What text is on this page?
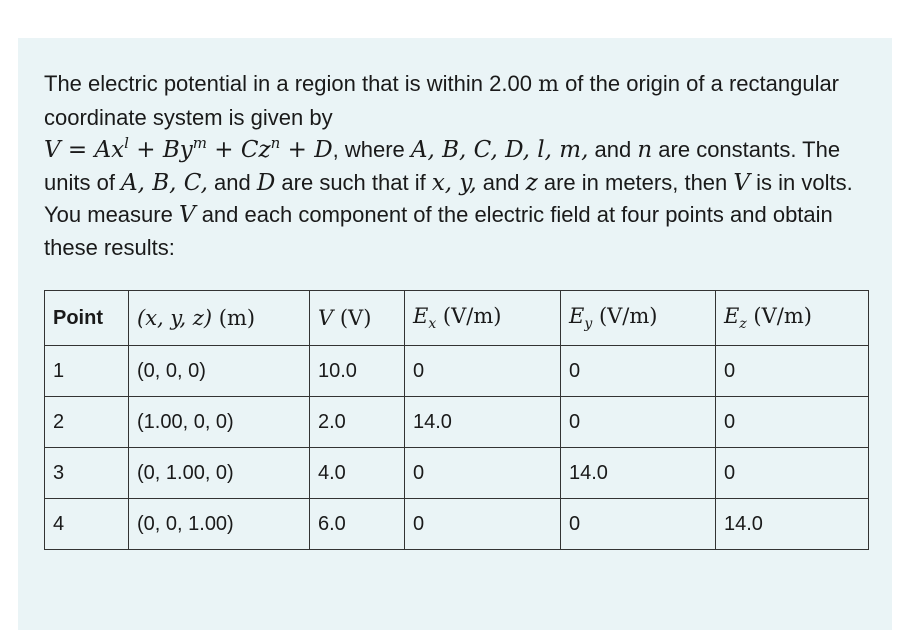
The electric potential in a region that is within 2.00 m of the origin of a rectangular coordinate system is given by
$V = Ax^l + By^m + Cz^n + D$, where A, B, C, D, l, m, and n are constants. The units of A, B, C, and D are such that if x, y, and z are in meters, then V is in volts. You measure V and each component of the electric field at four points and obtain these results:

Point	(x, y, z) (m)	V (V)	$E_x$ (V/m)	$E_y$ (V/m)	$E_z$ (V/m)
1	(0, 0, 0)	10.0	0	0	0
2	(1.00, 0, 0)	2.0	14.0	0	0
3	(0, 1.00, 0)	4.0	0	14.0	0
4	(0, 0, 1.00)	6.0	0	0	14.0
